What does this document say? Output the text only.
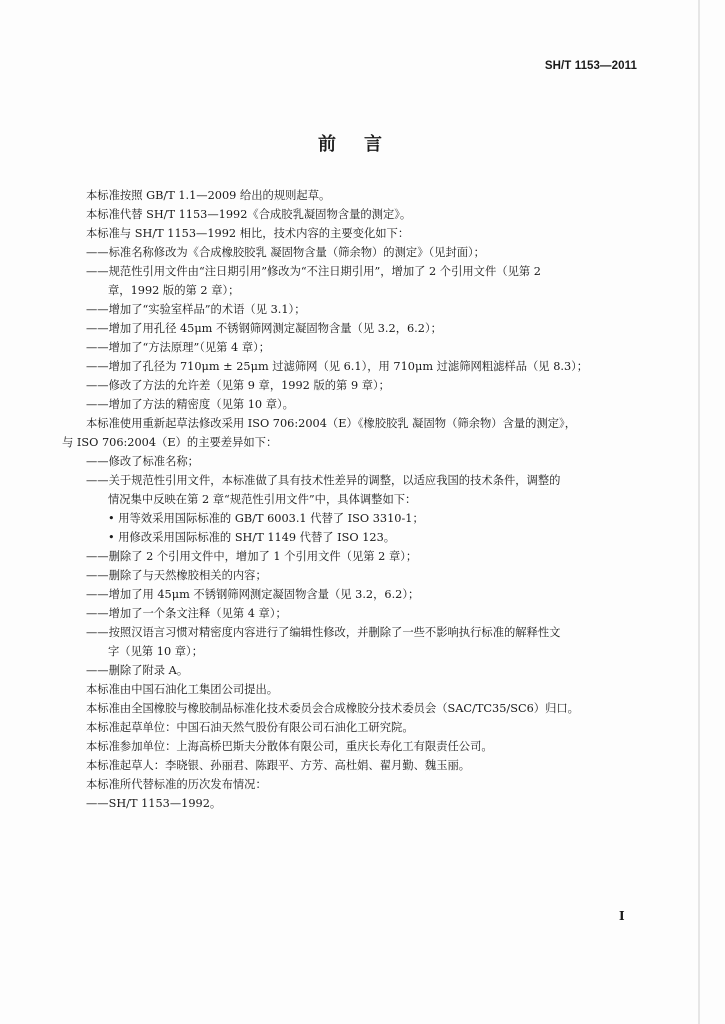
SH/T 1153—2011
前 言
本标准按照 GB/T 1.1—2009 给出的规则起草。
本标准代替 SH/T 1153—1992《合成胶乳凝固物含量的测定》。
本标准与 SH/T 1153—1992 相比，技术内容的主要变化如下：
——标准名称修改为《合成橡胶胶乳 凝固物含量（筛余物）的测定》（见封面）；
——规范性引用文件由“注日期引用”修改为“不注日期引用”，增加了 2 个引用文件（见第 2
章，1992 版的第 2 章）；
——增加了“实验室样品”的术语（见 3.1）；
——增加了用孔径 45μm 不锈钢筛网测定凝固物含量（见 3.2，6.2）；
——增加了“方法原理”（见第 4 章）；
——增加了孔径为 710μm ± 25μm 过滤筛网（见 6.1），用 710μm 过滤筛网粗滤样品（见 8.3）；
——修改了方法的允许差（见第 9 章，1992 版的第 9 章）；
——增加了方法的精密度（见第 10 章）。
本标准使用重新起草法修改采用 ISO 706:2004（E）《橡胶胶乳 凝固物（筛余物）含量的测定》，
与 ISO 706:2004（E）的主要差异如下：
——修改了标准名称；
——关于规范性引用文件，本标准做了具有技术性差异的调整，以适应我国的技术条件，调整的
情况集中反映在第 2 章“规范性引用文件”中，具体调整如下：
• 用等效采用国际标准的 GB/T 6003.1 代替了 ISO 3310-1；
• 用修改采用国际标准的 SH/T 1149 代替了 ISO 123。
——删除了 2 个引用文件中，增加了 1 个引用文件（见第 2 章）；
——删除了与天然橡胶相关的内容；
——增加了用 45μm 不锈钢筛网测定凝固物含量（见 3.2，6.2）；
——增加了一个条文注释（见第 4 章）；
——按照汉语言习惯对精密度内容进行了编辑性修改，并删除了一些不影响执行标准的解释性文
字（见第 10 章）；
——删除了附录 A。
本标准由中国石油化工集团公司提出。
本标准由全国橡胶与橡胶制品标准化技术委员会合成橡胶分技术委员会（SAC/TC35/SC6）归口。
本标准起草单位：中国石油天然气股份有限公司石油化工研究院。
本标准参加单位：上海高桥巴斯夫分散体有限公司，重庆长寿化工有限责任公司。
本标准起草人：李晓银、孙丽君、陈跟平、方芳、高杜娟、翟月勤、魏玉丽。
本标准所代替标准的历次发布情况：
——SH/T 1153—1992。
I
